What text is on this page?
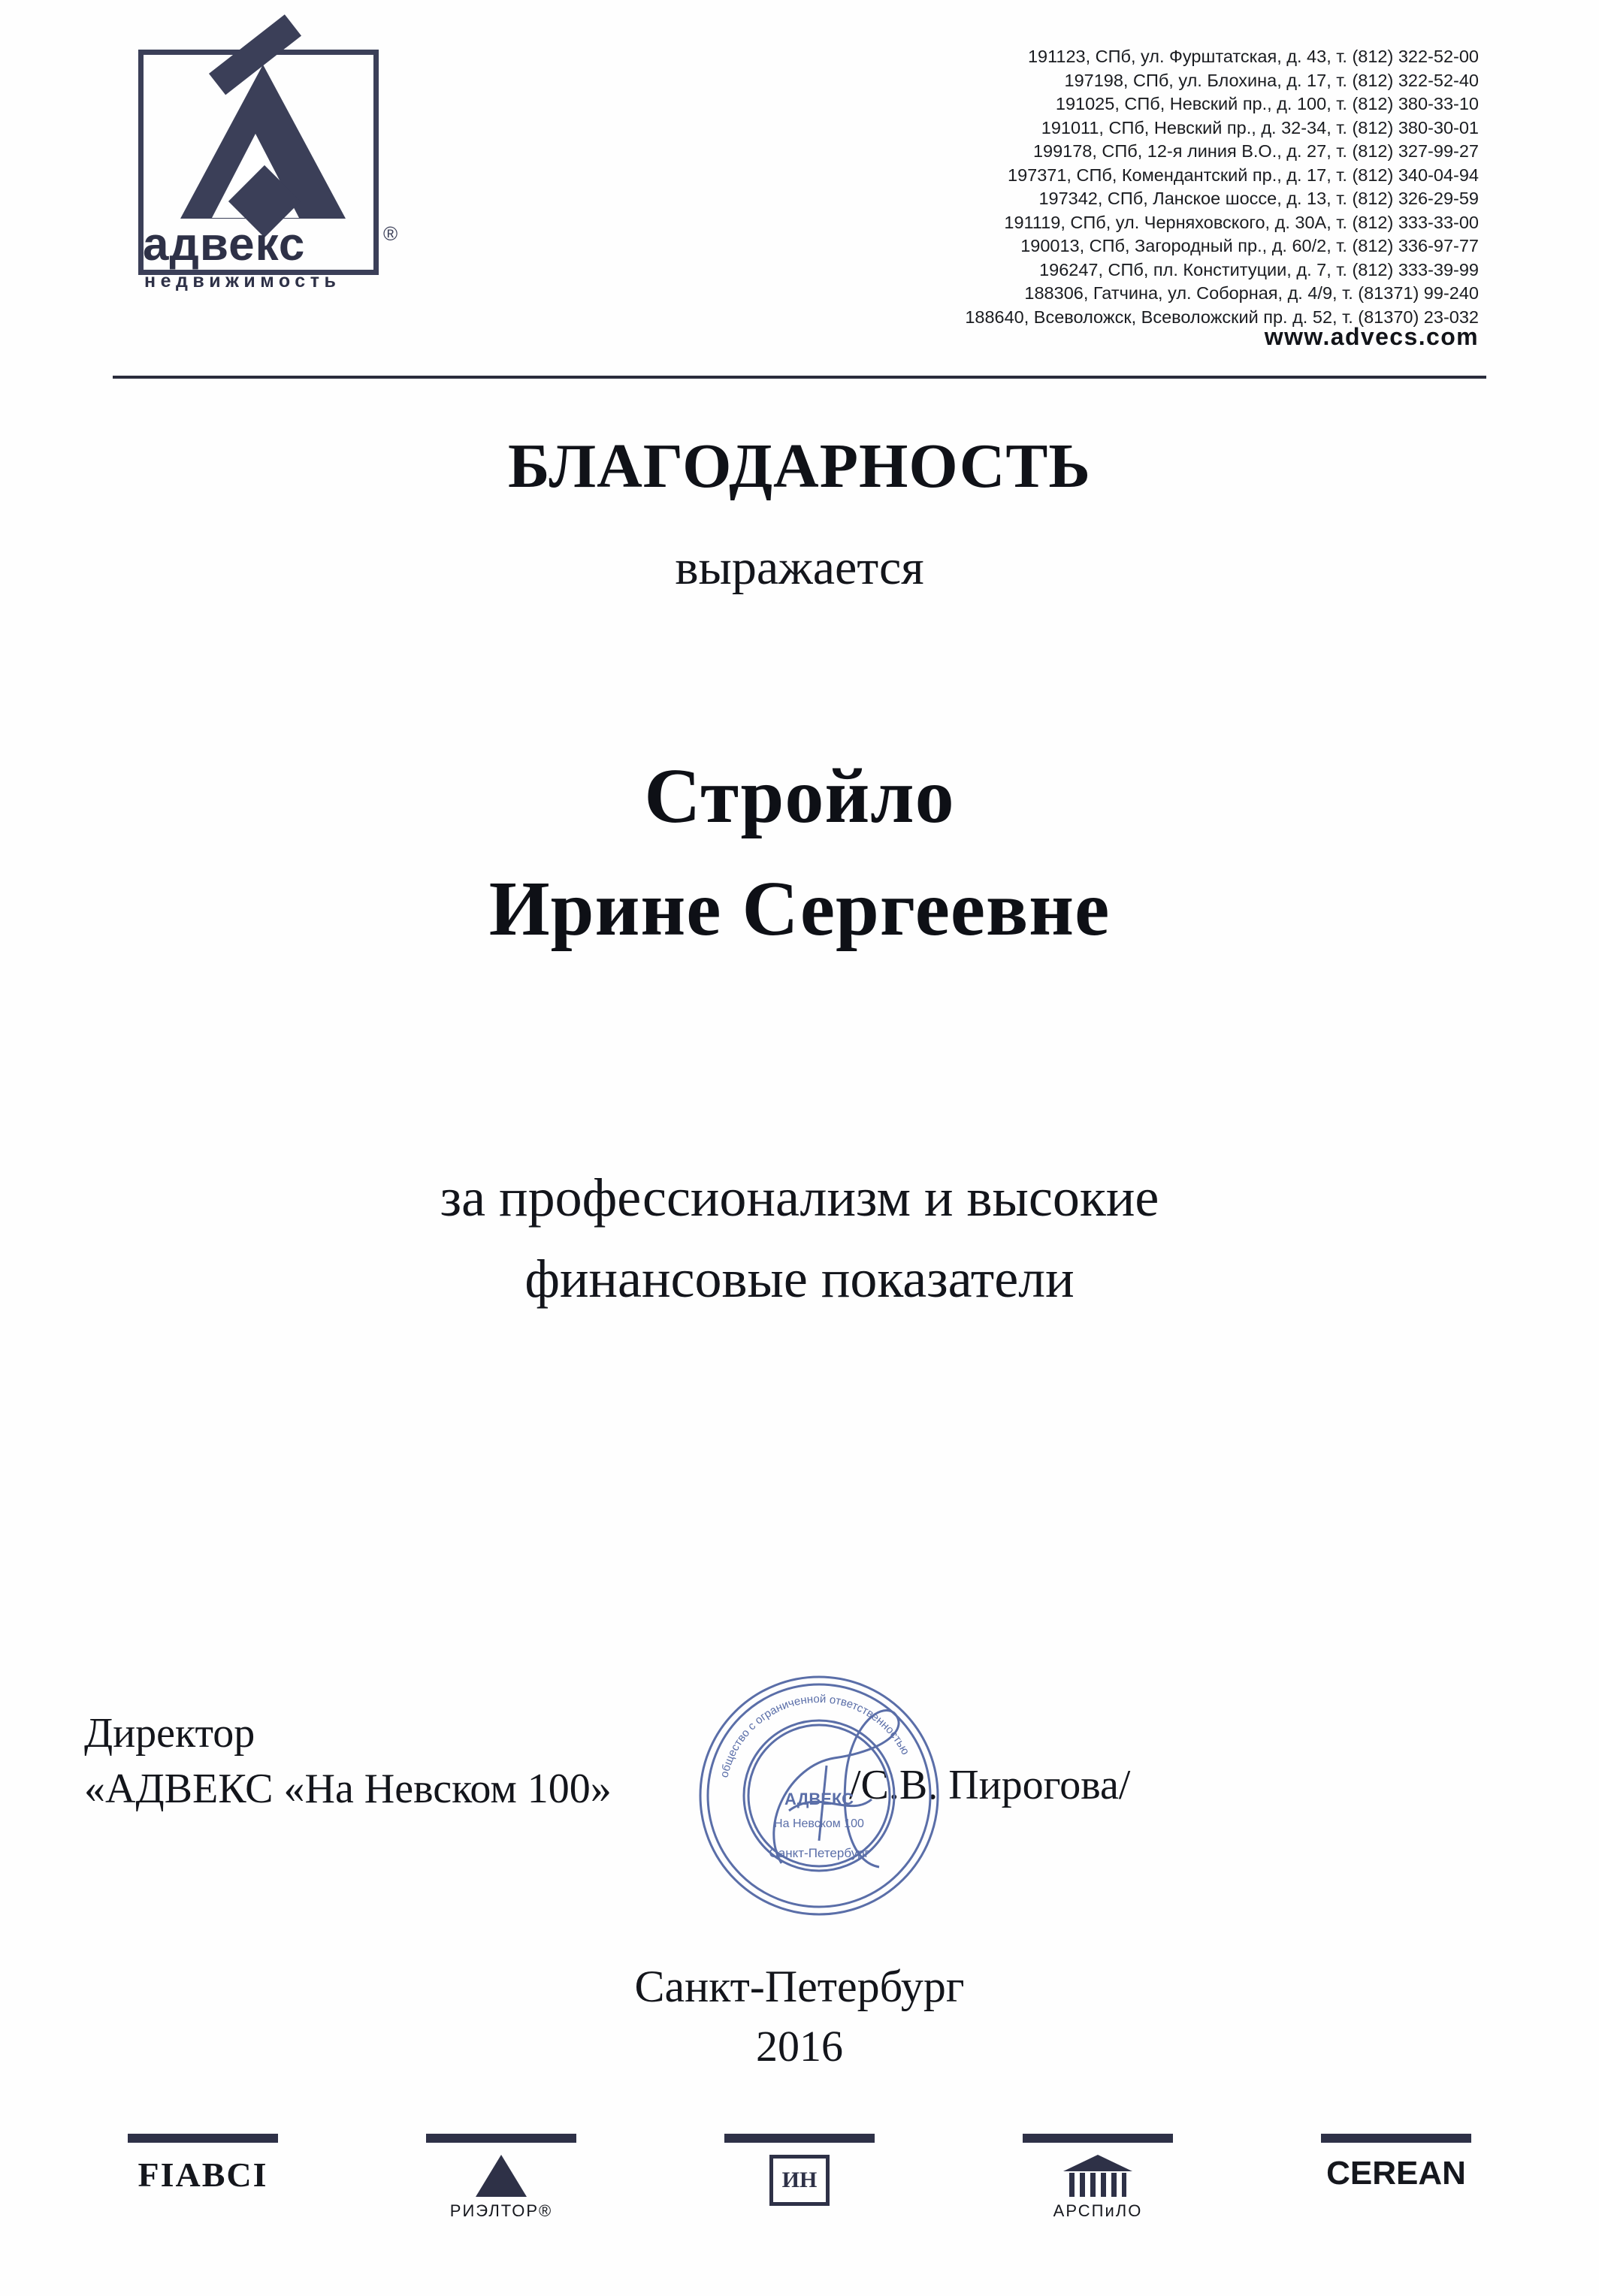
®
адвекс
недвижимость
191123, СПб, ул. Фурштатская, д. 43, т. (812) 322-52-00
197198, СПб, ул. Блохина, д. 17, т. (812) 322-52-40
191025, СПб, Невский пр., д. 100, т. (812) 380-33-10
191011, СПб, Невский пр., д. 32-34, т. (812) 380-30-01
199178, СПб, 12-я линия В.О., д. 27, т. (812) 327-99-27
197371, СПб, Комендантский пр., д. 17, т. (812) 340-04-94
197342, СПб, Ланское шоссе, д. 13, т. (812) 326-29-59
191119, СПб, ул. Черняховского, д. 30А, т. (812) 333-33-00
190013, СПб, Загородный пр., д. 60/2, т. (812) 336-97-77
196247, СПб, пл. Конституции, д. 7, т. (812) 333-39-99
188306, Гатчина, ул. Соборная, д. 4/9, т. (81371) 99-240
188640, Всеволожск, Всеволожский пр. д. 52, т. (81370) 23-032
www.advecs.com
БЛАГОДАРНОСТЬ
выражается
Стройло
Ирине Сергеевне
за профессионализм и высокие
финансовые показатели
Директор
«АДВЕКС «На Невском 100»	/С.В. Пирогова/
общество с ограниченной ответственностью
На Невском 100
Санкт-Петербург
АДВЕКС
Санкт-Петербург
2016
FIABCI
РИЭЛТОР®
ИН
АРСПиЛО
CEREAN
